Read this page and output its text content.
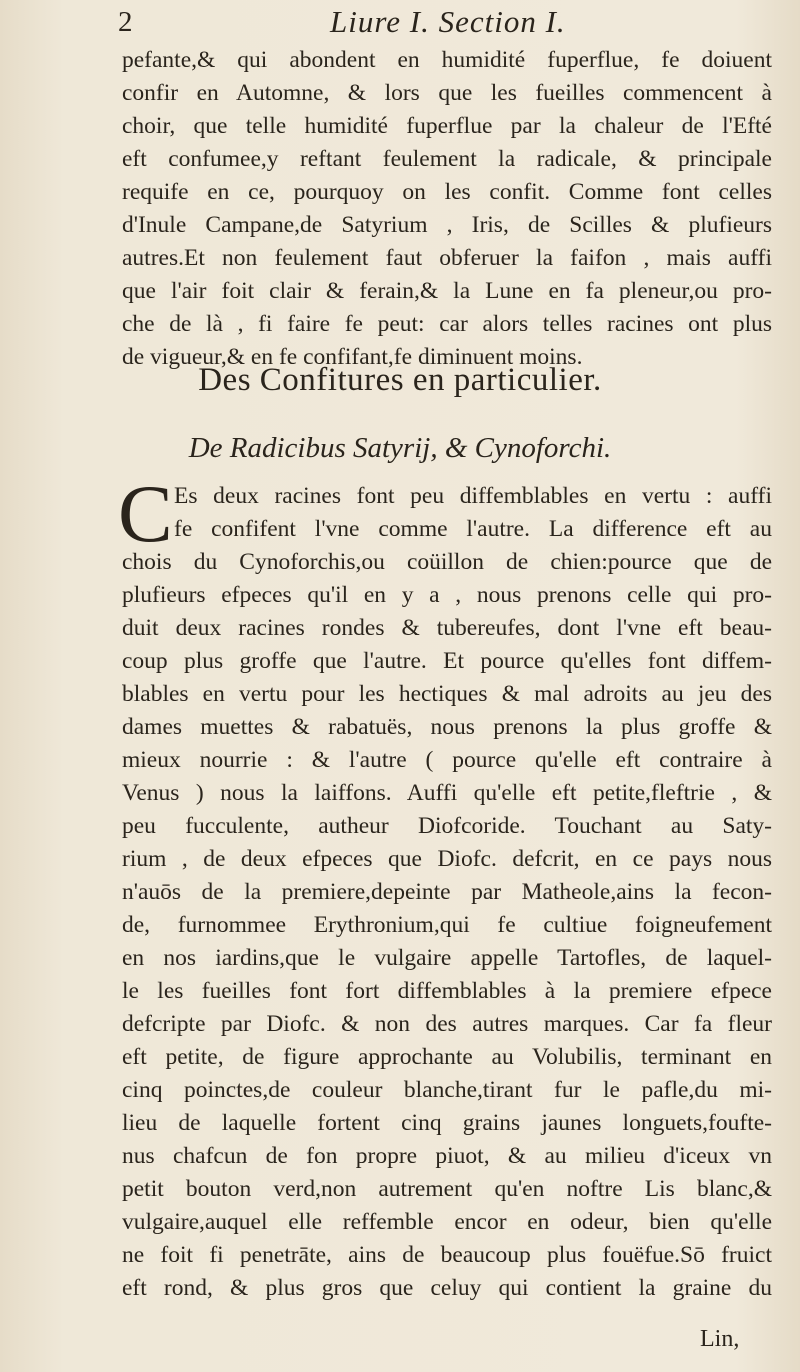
2	Liure I. Section I.
pefante,& qui abondent en humidité fuperflue, fe doiuent
confir en Automne, & lors que les fueilles commencent à
choir, que telle humidité fuperflue par la chaleur de l'Efté
eft confumee,y reftant feulement la radicale, & principale
requife en ce, pourquoy on les confit. Comme font celles
d'Inule Campane,de Satyrium , Iris, de Scilles & plufieurs
autres.Et non feulement faut obferuer la faifon , mais auffi
que l'air foit clair & ferain,& la Lune en fa pleneur,ou pro-
che de là , fi faire fe peut: car alors telles racines ont plus
de vigueur,& en fe confifant,fe diminuent moins.
Des Confitures en particulier.
De Radicibus Satyrij, & Cynoforchi.
C Es deux racines font peu diffemblables en vertu : auffi
fe confifent l'vne comme l'autre. La difference eft au
chois du Cynoforchis,ou coüillon de chien:pource que de
plufieurs efpeces qu'il en y a , nous prenons celle qui pro-
duit deux racines rondes & tubereufes, dont l'vne eft beau-
coup plus groffe que l'autre. Et pource qu'elles font diffem-
blables en vertu pour les hectiques & mal adroits au jeu des
dames muettes & rabatuës, nous prenons la plus groffe &
mieux nourrie : & l'autre ( pource qu'elle eft contraire à
Venus ) nous la laiffons. Auffi qu'elle eft petite,fleftrie , &
peu fucculente, autheur Diofcoride. Touchant au Saty-
rium , de deux efpeces que Diofc. defcrit, en ce pays nous
n'auōs de la premiere,depeinte par Matheole,ains la fecon-
de, furnommee Erythronium,qui fe cultiue foigneufement
en nos iardins,que le vulgaire appelle Tartofles, de laquel-
le les fueilles font fort diffemblables à la premiere efpece
defcripte par Diofc. & non des autres marques. Car fa fleur
eft petite, de figure approchante au Volubilis, terminant en
cinq poinctes,de couleur blanche,tirant fur le pafle,du mi-
lieu de laquelle fortent cinq grains jaunes longuets,foufte-
nus chafcun de fon propre piuot, & au milieu d'iceux vn
petit bouton verd,non autrement qu'en noftre Lis blanc,&
vulgaire,auquel elle reffemble encor en odeur, bien qu'elle
ne foit fi penetrāte, ains de beaucoup plus fouëfue.Sō fruict
eft rond, & plus gros que celuy qui contient la graine du
Lin,
